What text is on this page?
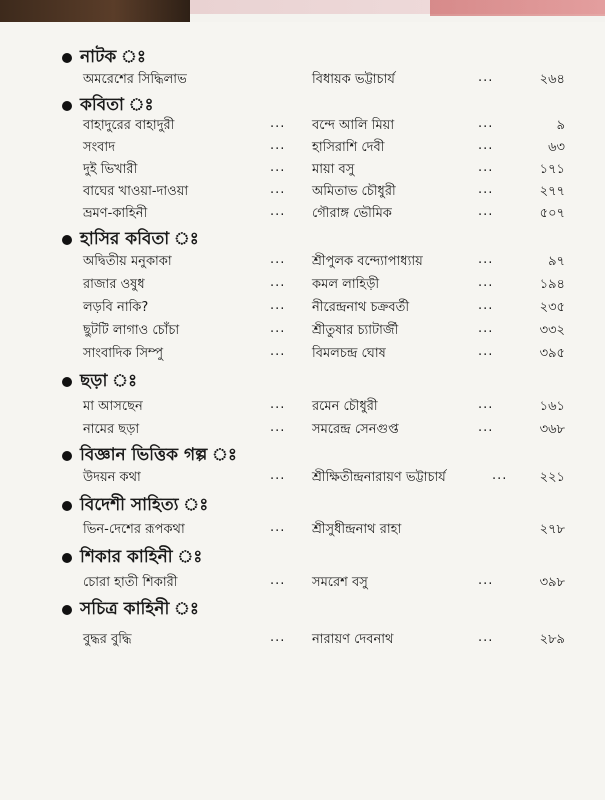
নাটক ঃ
অমরেশের সিদ্ধিলাভ	বিধায়ক ভট্টাচার্য	...	২৬৪
কবিতা ঃ
বাহাদুরের বাহাদুরী	... বন্দে আলি মিয়া	...	৯
সংবাদ	... হাসিরাশি দেবী	...	৬৩
দুই ভিখারী	... মায়া বসু	...	১৭১
বাঘের খাওয়া-দাওয়া	... অমিতাভ চৌধুরী	...	২৭৭
ভ্রমণ-কাহিনী	... গৌরাঙ্গ ভৌমিক	...	৫০৭
হাসির কবিতা ঃ
অদ্বিতীয় মনুকাকা	... শ্রীপুলক বন্দ্যোপাধ্যায়	...	৯৭
রাজার ওষুধ	... কমল লাহিড়ী	...	১৯৪
লড়বি নাকি?	... নীরেন্দ্রনাথ চক্রবর্তী	...	২৩৫
ছুটটি লাগাও চোঁচা	... শ্রীতুষার চ্যাটার্জী	...	৩৩২
সাংবাদিক সিম্পু	... বিমলচন্দ্র ঘোষ	...	৩৯৫
ছড়া ঃ
মা আসছেন	... রমেন চৌধুরী	...	১৬১
নামের ছড়া	... সমরেন্দ্র সেনগুপ্ত	...	৩৬৮
বিজ্ঞান ভিত্তিক গল্প ঃ
উদয়ন কথা	... শ্রীক্ষিতীন্দ্রনারায়ণ ভট্টাচার্য	... ২২১
বিদেশী সাহিত্য ঃ
ভিন-দেশের রূপকথা	... শ্রীসুধীন্দ্রনাথ রাহা	২৭৮
শিকার কাহিনী ঃ
চোরা হাতী শিকারী	... সমরেশ বসু	...	৩৯৮
সচিত্র কাহিনী ঃ
বুদ্ধর বুদ্ধি	... নারায়ণ দেবনাথ	...	২৮৯
